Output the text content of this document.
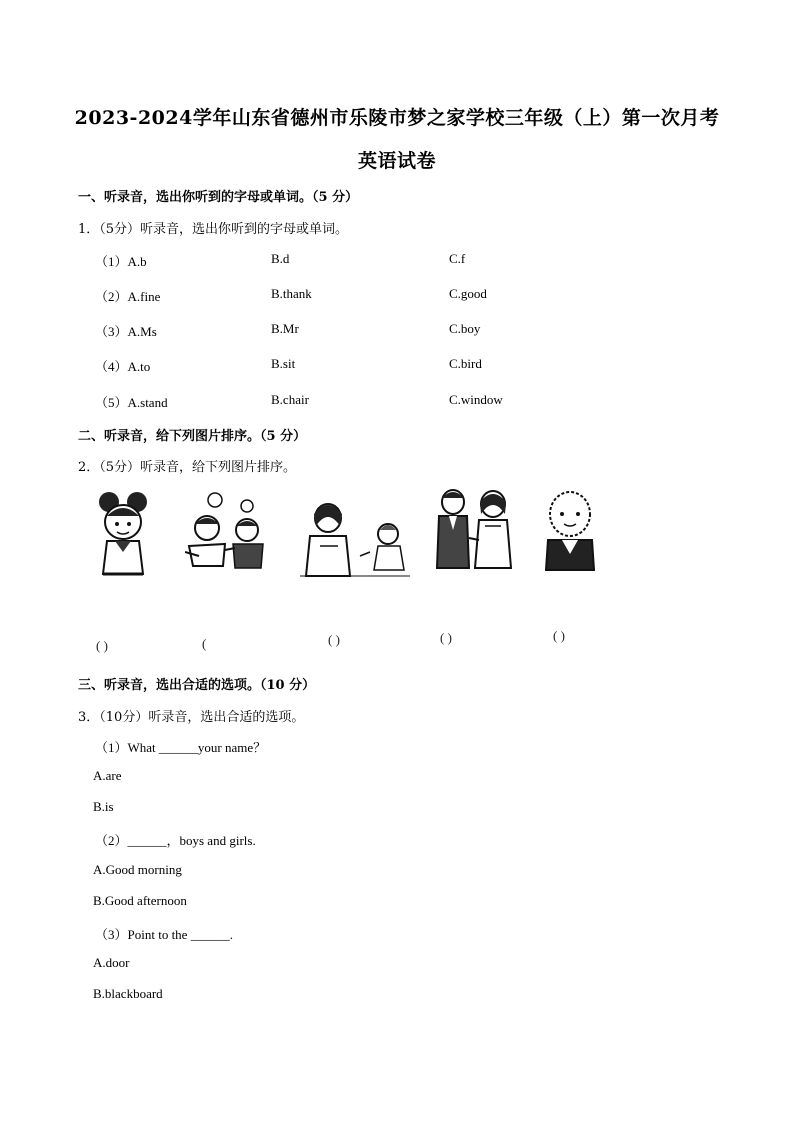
2023-2024学年山东省德州市乐陵市梦之家学校三年级（上）第一次月考
英语试卷
一、听录音，选出你听到的字母或单词。（5 分）
1．（5分）听录音，选出你听到的字母或单词。
（1）A.b	B.d	C.f
（2）A.fine	B.thank	C.good
（3）A.Ms	B.Mr	C.boy
（4）A.to	B.sit	C.bird
（5）A.stand	B.chair	C.window
二、听录音，给下列图片排序。（5 分）
2．（5分）听录音，给下列图片排序。
( )	(	( )	( )	( )
三、听录音，选出合适的选项。（10 分）
3．（10分）听录音，选出合适的选项。
（1）What ______your name？
A.are
B.is
（2）______，boys and girls.
A.Good morning
B.Good afternoon
（3）Point to the ______.
A.door
B.blackboard
